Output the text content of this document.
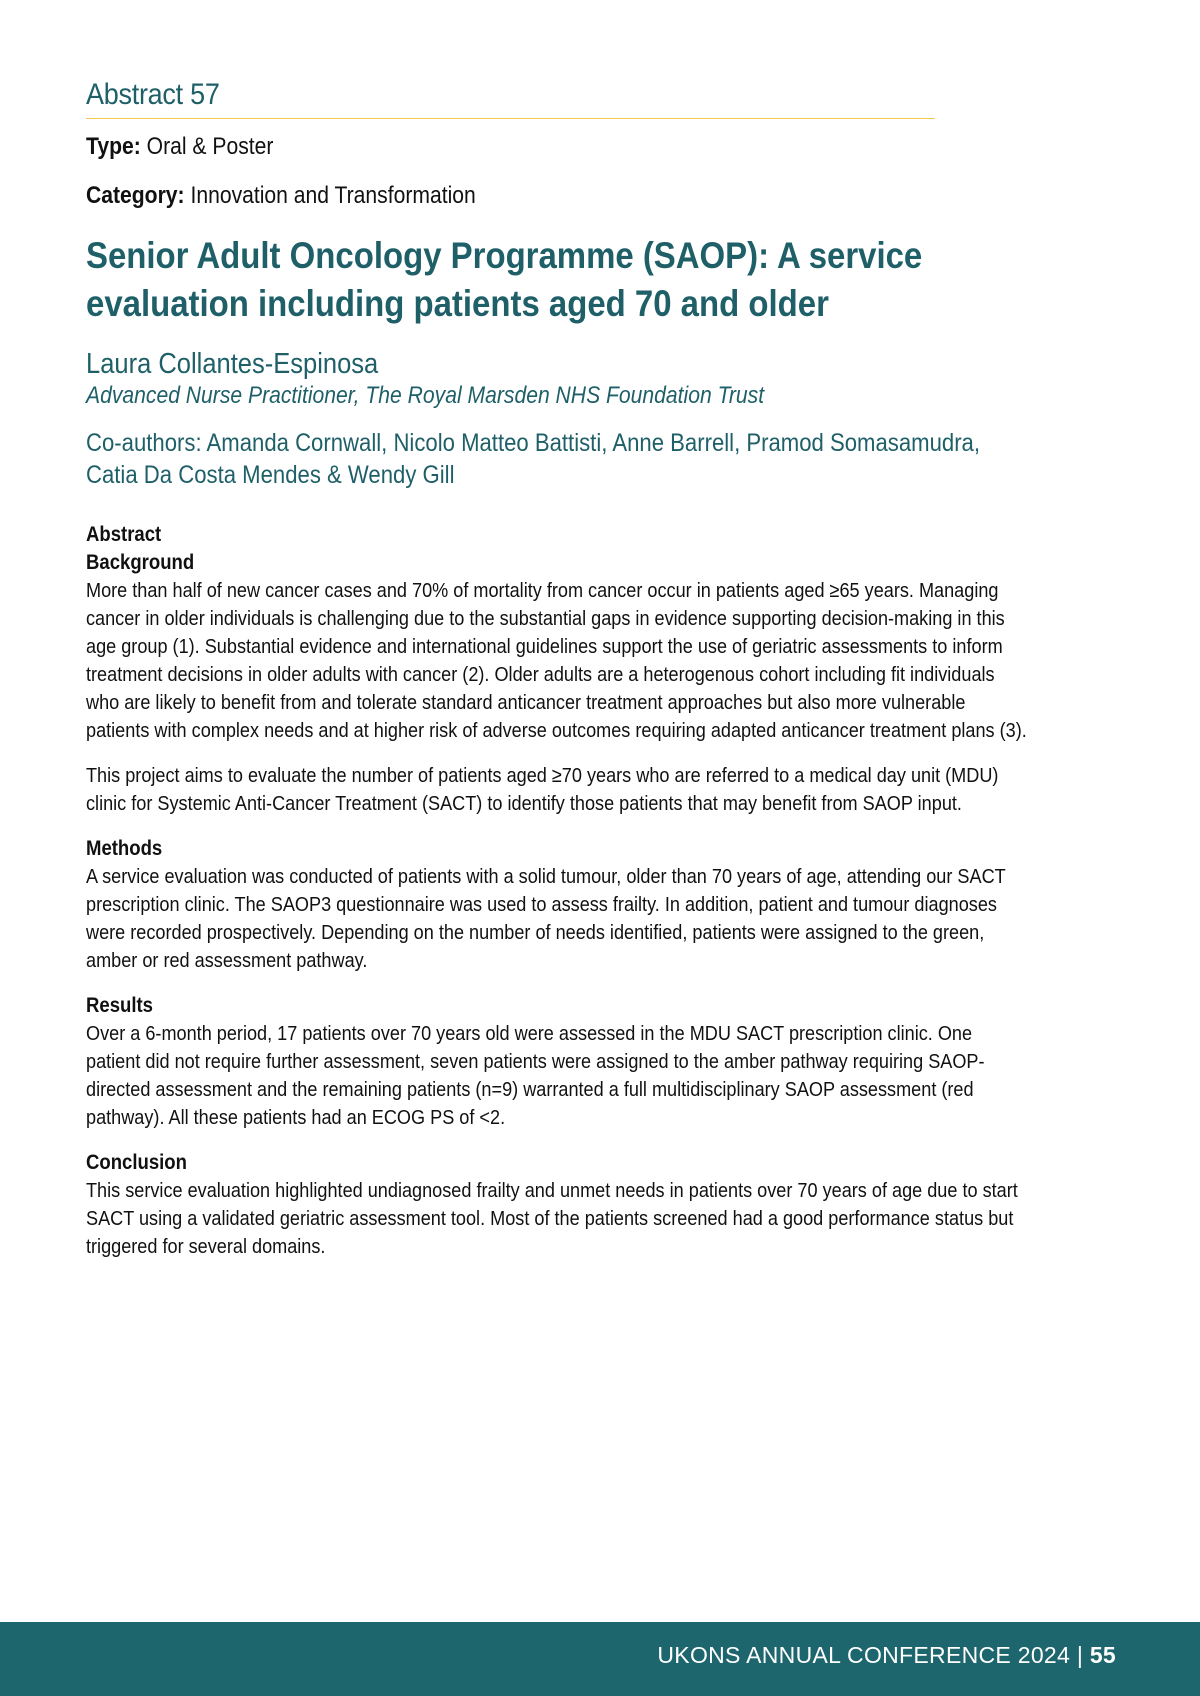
Abstract 57
Type: Oral & Poster
Category: Innovation and Transformation
Senior Adult Oncology Programme (SAOP): A service evaluation including patients aged 70 and older
Laura Collantes-Espinosa
Advanced Nurse Practitioner, The Royal Marsden NHS Foundation Trust
Co-authors: Amanda Cornwall, Nicolo Matteo Battisti, Anne Barrell, Pramod Somasamudra, Catia Da Costa Mendes & Wendy Gill
Abstract
Background

More than half of new cancer cases and 70% of mortality from cancer occur in patients aged ≥65 years. Managing cancer in older individuals is challenging due to the substantial gaps in evidence supporting decision-making in this age group (1). Substantial evidence and international guidelines support the use of geriatric assessments to inform treatment decisions in older adults with cancer (2). Older adults are a heterogenous cohort including fit individuals who are likely to benefit from and tolerate standard anticancer treatment approaches but also more vulnerable patients with complex needs and at higher risk of adverse outcomes requiring adapted anticancer treatment plans (3).

This project aims to evaluate the number of patients aged ≥70 years who are referred to a medical day unit (MDU) clinic for Systemic Anti-Cancer Treatment (SACT) to identify those patients that may benefit from SAOP input.

Methods

A service evaluation was conducted of patients with a solid tumour, older than 70 years of age, attending our SACT prescription clinic. The SAOP3 questionnaire was used to assess frailty. In addition, patient and tumour diagnoses were recorded prospectively. Depending on the number of needs identified, patients were assigned to the green, amber or red assessment pathway.

Results

Over a 6-month period, 17 patients over 70 years old were assessed in the MDU SACT prescription clinic. One patient did not require further assessment, seven patients were assigned to the amber pathway requiring SAOP-directed assessment and the remaining patients (n=9) warranted a full multidisciplinary SAOP assessment (red pathway). All these patients had an ECOG PS of <2.

Conclusion

This service evaluation highlighted undiagnosed frailty and unmet needs in patients over 70 years of age due to start SACT using a validated geriatric assessment tool. Most of the patients screened had a good performance status but triggered for several domains.

UKONS ANNUAL CONFERENCE 2024 | 55
